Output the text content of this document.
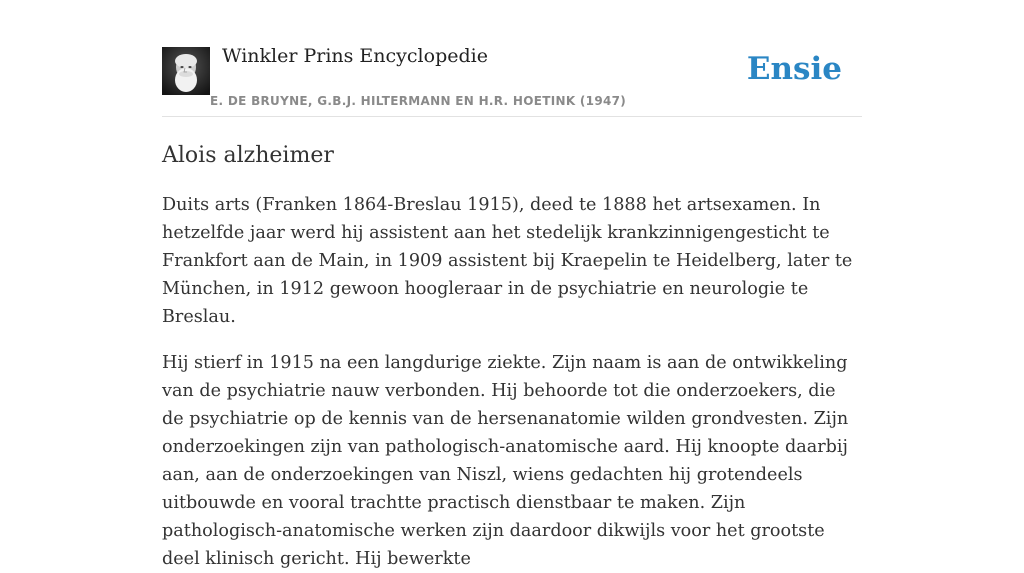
Winkler Prins Encyclopedie
E. DE BRUYNE, G.B.J. HILTERMANN EN H.R. HOETINK (1947)
Ensie
Alois alzheimer

Duits arts (Franken 1864-Breslau 1915), deed te 1888 het artsexamen. In hetzelfde jaar werd hij assistent aan het stedelijk krankzinnigengesticht te Frankfort aan de Main, in 1909 assistent bij Kraepelin te Heidelberg, later te München, in 1912 gewoon hoogleraar in de psychiatrie en neurologie te Breslau.

Hij stierf in 1915 na een langdurige ziekte. Zijn naam is aan de ontwikkeling van de psychiatrie nauw verbonden. Hij behoorde tot die onderzoekers, die de psychiatrie op de kennis van de hersenanatomie wilden grondvesten. Zijn onderzoekingen zijn van pathologisch-anatomische aard. Hij knoopte daarbij aan, aan de onderzoekingen van Niszl, wiens gedachten hij grotendeels uitbouwde en vooral trachtte practisch dienstbaar te maken. Zijn pathologisch-anatomische werken zijn daardoor dikwijls voor het grootste deel klinisch gericht. Hij bewerkte
